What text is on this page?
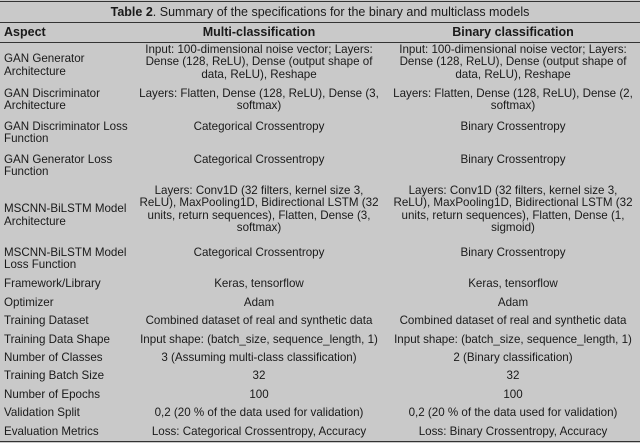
Table 2. Summary of the specifications for the binary and multiclass models
Aspect	Multi-classification	Binary classification
GAN Generator Architecture	Input: 100-dimensional noise vector; Layers: Dense (128, ReLU), Dense (output shape of data, ReLU), Reshape	Input: 100-dimensional noise vector; Layers: Dense (128, ReLU), Dense (output shape of data, ReLU), Reshape
GAN Discriminator Architecture	Layers: Flatten, Dense (128, ReLU), Dense (3, softmax)	Layers: Flatten, Dense (128, ReLU), Dense (2, softmax)
GAN Discriminator Loss Function	Categorical Crossentropy	Binary Crossentropy
GAN Generator Loss Function	Categorical Crossentropy	Binary Crossentropy
MSCNN-BiLSTM Model Architecture	Layers: Conv1D (32 filters, kernel size 3, ReLU), MaxPooling1D, Bidirectional LSTM (32 units, return sequences), Flatten, Dense (3, softmax)	Layers: Conv1D (32 filters, kernel size 3, ReLU), MaxPooling1D, Bidirectional LSTM (32 units, return sequences), Flatten, Dense (1, sigmoid)
MSCNN-BiLSTM Model Loss Function	Categorical Crossentropy	Binary Crossentropy
Framework/Library	Keras, tensorflow	Keras, tensorflow
Optimizer	Adam	Adam
Training Dataset	Combined dataset of real and synthetic data	Combined dataset of real and synthetic data
Training Data Shape	Input shape: (batch_size, sequence_length, 1)	Input shape: (batch_size, sequence_length, 1)
Number of Classes	3 (Assuming multi-class classification)	2 (Binary classification)
Training Batch Size	32	32
Number of Epochs	100	100
Validation Split	0,2 (20 % of the data used for validation)	0,2 (20 % of the data used for validation)
Evaluation Metrics	Loss: Categorical Crossentropy, Accuracy	Loss: Binary Crossentropy, Accuracy
